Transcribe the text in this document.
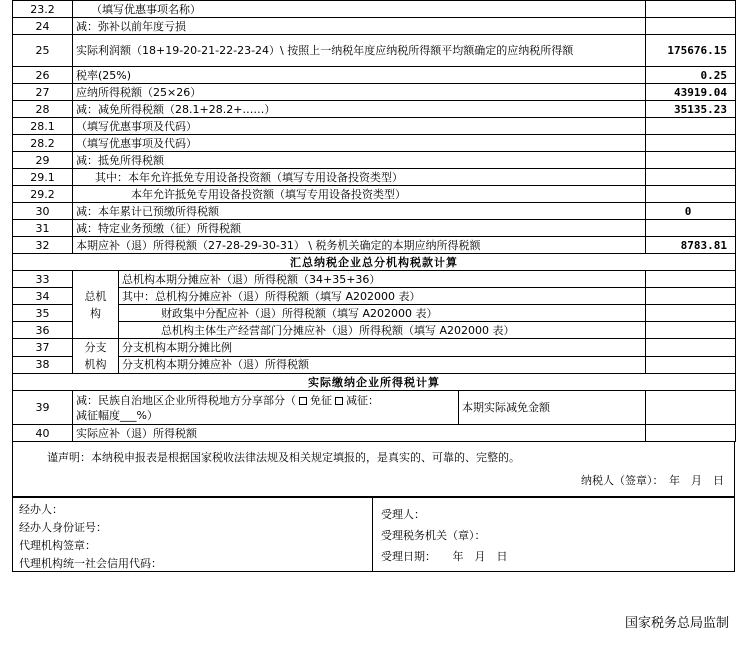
23.2	（填写优惠事项名称）			
24	减：弥补以前年度亏损			
25	实际利润额（18+19-20-21-22-23-24）\ 按照上一纳税年度应纳税所得额平均额确定的应纳税所得额			175676.15
26	税率(25%)			0.25
27	应纳所得税额（25×26）			43919.04
28	减：减免所得税额（28.1+28.2+……）			35135.23
28.1	（填写优惠事项及代码）			
28.2	（填写优惠事项及代码）			
29	减：抵免所得税额			
29.1	其中：本年允许抵免专用设备投资额（填写专用设备投资类型）			
29.2	本年允许抵免专用设备投资额（填写专用设备投资类型）			
30	减：本年累计已预缴所得税额			0
31	减：特定业务预缴（征）所得税额			
32	本期应补（退）所得税额（27-28-29-30-31） \ 税务机关确定的本期应纳所得税额			8783.81
汇总纳税企业总分机构税款计算				
33	总机构	总机构本期分摊应补（退）所得税额（34+35+36）		
34		其中：总机构分摊应补（退）所得税额（填写 A202000 表）		
35		财政集中分配应补（退）所得税额（填写 A202000 表）		
36		总机构主体生产经营部门分摊应补（退）所得税额（填写 A202000 表）		
37	分支机构	分支机构本期分摊比例		
38		分支机构本期分摊应补（退）所得税额		
实际缴纳企业所得税计算				
39	减：民族自治地区企业所得税地方分享部分（ 免征 减征：
减征幅度___%）		本期实际减免金额	
40	实际应补（退）所得税额			
谨声明：本纳税申报表是根据国家税收法律法规及相关规定填报的，是真实的、可靠的、完整的。
纳税人（签章）：　年　月　日
经办人：
经办人身份证号：
代理机构签章：
代理机构统一社会信用代码：
受理人：
受理税务机关（章）：
受理日期：　　年　月　日
国家税务总局监制
